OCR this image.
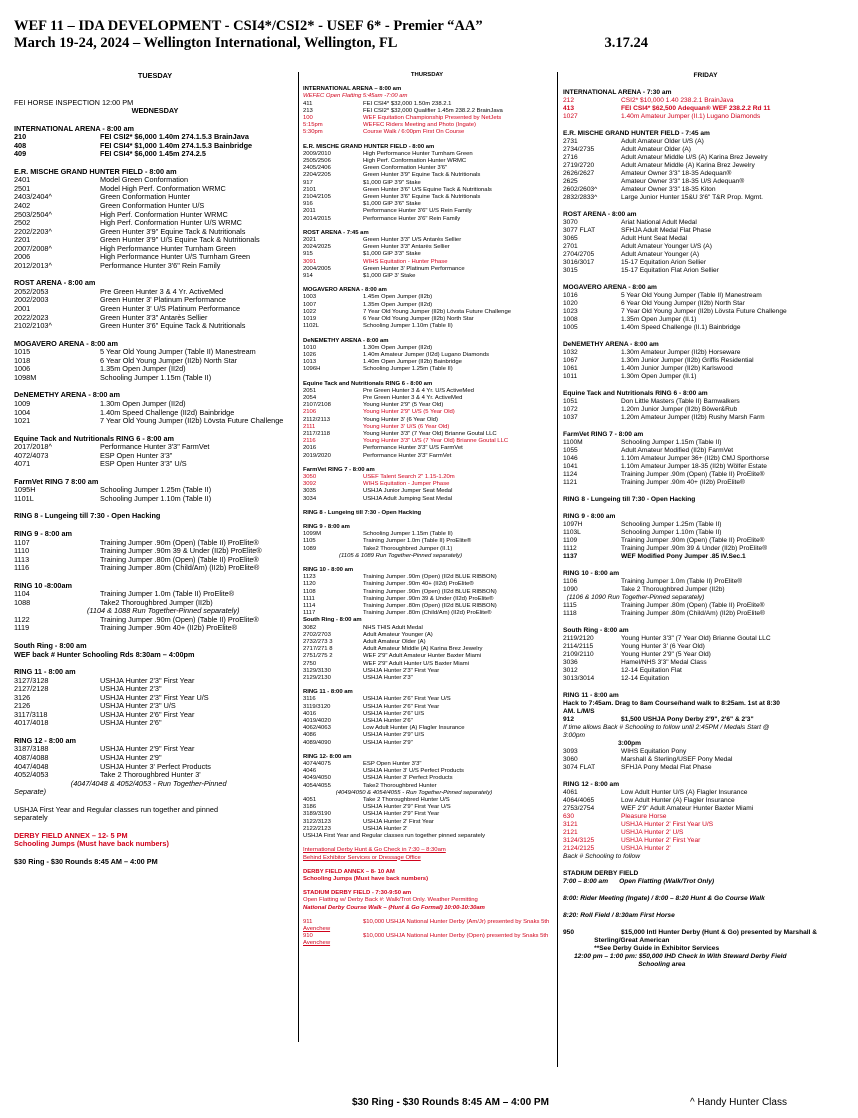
WEF 11 – IDA DEVELOPMENT - CSI4*/CSI2* - USEF 6* - Premier “AA”
March 19-24, 2024 – Wellington International, Wellington, FL	3.17.24
TUESDAY
FEI HORSE INSPECTION 12:00 PM
WEDNESDAY
INTERNATIONAL ARENA - 8:00 am
210	FEI CSI2* $6,000 1.40m 274.1.5.3 BrainJava
408	FEI CSI4* $1,000 1.40m 274.1.5.3 Bainbridge
409	FEI CSI4* $6,000 1.45m 274.2.5
E.R. MISCHE GRAND HUNTER FIELD - 8:00 am
2401	Model Green Conformation
2501	Model High Perf. Conformation WRMC
2403/2404^	Green Conformation Hunter
2402	Green Conformation Hunter U/S
2503/2504^	High Perf. Conformation Hunter WRMC
2502	High Perf. Conformation Hunter U/S WRMC
2202/2203^	Green Hunter 3'9" Equine Tack & Nutritionals
2201	Green Hunter 3'9" U/S Equine Tack & Nutritionals
2007/2008^	High Performance Hunter Turnham Green
2006	High Performance Hunter U/S Turnham Green
2012/2013^	Performance Hunter 3'6" Rein Family
ROST ARENA - 8:00 am
2052/2053	Pre Green Hunter 3 & 4 Yr. ActiveMed
2002/2003	Green Hunter 3' Platinum Performance
2001	Green Hunter 3' U/S Platinum Performance
2022/2023	Green Hunter 3'3" Antarès Sellier
2102/2103^	Green Hunter 3'6" Equine Tack & Nutritionals
MOGAVERO ARENA - 8:00 am
1015	5 Year Old Young Jumper (Table II) Manestream
1018	6 Year Old Young Jumper (II2b) North Star
1006	1.35m Open Jumper (II2d)
1098M	Schooling Jumper 1.15m (Table II)
DeNEMETHY ARENA - 8:00 am
1009	1.30m Open Jumper (II2d)
1004	1.40m Speed Challenge (II2d) Bainbridge
1021	7 Year Old Young Jumper (II2b) Lövsta Future Challenge
Equine Tack and Nutritionals RING 6 - 8:00 am
2017/2018^	Performance Hunter 3'3" FarmVet
4072/4073	ESP Open Hunter 3'3"
4071	ESP Open Hunter 3'3" U/S
FarmVet RING 7 8:00 am
1095H	Schooling Jumper 1.25m (Table II)
1101L	Schooling Jumper 1.10m (Table II)
RING 8 - Lungeing till 7:30 - Open Hacking
RING 9 - 8:00 am
1107	Training Jumper .90m (Open) (Table II) ProElite®
1110	Training Jumper .90m 39 & Under (II2b) ProElite®
1113	Training Jumper .80m (Open) (Table II) ProElite®
1116	Training Jumper .80m (Child/Am) (II2b) ProElite®
RING 10 -8:00am
1104	Training Jumper 1.0m (Table II) ProElite®
1088	Take2 Thoroughbred Jumper (II2b)
(1104 & 1088 Run Together-Pinned separately)
1122	Training Jumper .90m (Open) (Table II) ProElite®
1119	Training Jumper .90m 40+ (II2b) ProElite®
South Ring - 8:00 am
WEF back # Hunter Schooling Rds 8:30am – 4:00pm
RING 11 - 8:00 am
3127/3128	USHJA Hunter 2'3" First Year
2127/2128	USHJA Hunter 2'3"
3126	USHJA Hunter 2'3" First Year U/S
2126	USHJA Hunter 2'3" U/S
3117/3118	USHJA Hunter 2'6" First Year
4017/4018	USHJA Hunter 2'6"
RING 12 - 8:00 am
3187/3188	USHJA Hunter 2'9" First Year
4087/4088	USHJA Hunter 2'9"
4047/4048	USHJA Hunter 3' Perfect Products
4052/4053	Take 2 Thoroughbred Hunter 3'
(4047/4048 & 4052/4053 - Run Together-Pinned
Separate)
USHJA First Year and Regular classes run together and pinned
separately
DERBY FIELD ANNEX – 12- 5 PM
Schooling Jumps (Must have back numbers)
$30 Ring - $30 Rounds 8:45 AM – 4:00 PM
THURSDAY
INTERNATIONAL ARENA – 8:00 am
WEFEC Open Flatting 5:45am -7:00 am
411	FEI CSI4* $32,000 1.50m 238.2.1
213	FEI CSI2* $32,000 Qualifier 1.45m 238.2.2 BrainJava
100	WEF Equitation Championship Presented by NetJets
5:15pm	WEFEC Riders Meeting and Photo (Ingate)
5:30pm	Course Walk / 6:00pm First On Course
E.R. MISCHE GRAND HUNTER FIELD - 8:00 am
2009/2010	High Performance Hunter Turnham Green
2505/2506	High Perf. Conformation Hunter WRMC
2405/2406	Green Conformation Hunter 3'6"
2204/2205	Green Hunter 3'9" Equine Tack & Nutritionals
917	$1,000 GIP 3'9" Stake
2101	Green Hunter 3'6" U/S Equine Tack & Nutritionals
2104/2105	Green Hunter 3'6" Equine Tack & Nutritionals
916	$1,000 GIP 3'6" Stake
2011	Performance Hunter 3'6" U/S Rein Family
2014/2015	Performance Hunter 3'6" Rein Family
ROST ARENA - 7:45 am
2021	Green Hunter 3'3" U/S Antarès Sellier
2024/2025	Green Hunter 3'3" Antarès Sellier
915	$1,000 GIP 3'3" Stake
3091	WIHS Equitation - Hunter Phase
2004/2005	Green Hunter 3' Platinum Performance
914	$1,000 GIP 3' Stake
MOGAVERO ARENA - 8:00 am
1003	1.45m Open Jumper (II2b)
1007	1.35m Open Jumper (II2d)
1022	7 Year Old Young Jumper (II2b) Lövsta Future Challenge
1019	6 Year Old Young Jumper (II2b) North Star
1102L	Schooling Jumper 1.10m (Table II)
DeNEMETHY ARENA - 8:00 am
1010	1.30m Open Jumper (II2d)
1026	1.40m Amateur Jumper (II2d) Lugano Diamonds
1013	1.40m Open Jumper (II2b) Bainbridge
1096H	Schooling Jumper 1.25m (Table II)
Equine Tack and Nutritionals RING 6 - 8:00 am
2051	Pre Green Hunter 3 & 4 Yr. U/S ActiveMed
2054	Pre Green Hunter 3 & 4 Yr. ActiveMed
2107/2108	Young Hunter 2'9" (5 Year Old)
2106	Young Hunter 2'9" U/S (5 Year Old)
2112/2113	Young Hunter 3' (6 Year Old)
2111	Young Hunter 3' U/S (6 Year Old)
2117/2118	Young Hunter 3'3" (7 Year Old) Brianne Goutal LLC
2116	Young Hunter 3'3" U/S (7 Year Old) Brianne Goutal LLC
2016	Performance Hunter 3'3" U/S FarmVet
2019/2020	Performance Hunter 3'3" FarmVet
FarmVet RING 7 - 8:00 am
3050	USEF Talent Search 2" 1.15-1.20m
3092	WIHS Equitation - Jumper Phase
3035	USHJA Junior Jumper Seat Medal
3034	USHJA Adult Jumping Seat Medal
RING 8 - Lungeing till 7:30 - Open Hacking
RING 9 - 8:00 am
1099M	Schooling Jumper 1.15m (Table II)
1105	Training Jumper 1.0m (Table II) ProElite®
1089	Take2 Thoroughbred Jumper (II.1)
(1105 & 1089 Run Together-Pinned separately)
RING 10 - 8:00 am
1123	Training Jumper .90m (Open) (II2d BLUE RIBBON)
1120	Training Jumper .90m 40+ (II2d) ProElite®
1108	Training Jumper .90m (Open) (II2d BLUE RIBBON)
1111	Training Jumper .90m 39 & Under (II2d) ProElite®
1114	Training Jumper .80m (Open) (II2d BLUE RIBBON)
1117	Training Jumper .80m (Child/Am) (II2d) ProElite®
South Ring - 8:00 am
3082	NHS THIS Adult Medal
2702/2703	Adult Amateur Younger (A)
2732/273 3	Adult Amateur Older (A)
2717/271 8	Adult Amateur Middle (A) Karina Brez Jewelry
2751/275 2	WEF 2'9" Adult Amateur Hunter Baxter Miami
2750	WEF 2'9" Adult Hunter U/S Baxter Miami
3129/3130	USHJA Hunter 2'3" First Year
2129/2130	USHJA Hunter 2'3"
RING 11 - 8:00 am
3116	USHJA Hunter 2'6" First Year U/S
3119/3120	USHJA Hunter 2'6" First Year
4016	USHJA Hunter 2'6" U/S
4019/4020	USHJA Hunter 2'6"
4062/4063	Low Adult Hunter (A) Flagler Insurance
4086	USHJA Hunter 2'9" U/S
4089/4090	USHJA Hunter 2'9"
RING 12- 8:00 am
4074/4075	ESP Open Hunter 3'3"
4046	USHJA Hunter 3' U/S Perfect Products
4049/4050	USHJA Hunter 3' Perfect Products
4054/4055	Take2 Thoroughbred Hunter
(4049/4050 & 4054/4055 - Run Together-Pinned separately)
4051	Take 2 Thoroughbred Hunter U/S
3186	USHJA Hunter 2'9" First Year U/S
3189/3190	USHJA Hunter 2'9" First Year
3122/3123	USHJA Hunter 2' First Year
2122/2123	USHJA Hunter 2'
USHJA First Year and Regular classes run together pinned separately
International Derby Hunt & Go Check in 7:30 – 8:30am
Behind Exhibitor Services or Dressage Office
DERBY FIELD ANNEX – 8- 10 AM
Schooling Jumps (Must have back numbers)
STADIUM DERBY FIELD - 7:30-9:50 am
Open Flatting w/ Derby Back #: Walk/Trot Only. Weather Permitting
National Derby Course Walk – (Hunt & Go Formal) 10:00-10:30am
911	$10,000 USHJA National Hunter Derby (Am/Jr) presented by Snaks 5th
Avenchew
910	$10,000 USHJA National Hunter Derby (Open) presented by Snaks 5th
Avenchew
FRIDAY
INTERNATIONAL ARENA - 7:30 am
212	CSI2* $10,000 1.40 238.2.1 BrainJava
413	FEI CSI4* $62,500 Adequan® WEF 238.2.2 Rd 11
1027	1.40m Amateur Jumper (II.1) Lugano Diamonds
E.R. MISCHE GRAND HUNTER FIELD - 7:45 am
2731	Adult Amateur Older U/S (A)
2734/2735	Adult Amateur Older (A)
2716	Adult Amateur Middle U/S (A) Karina Brez Jewelry
2719/2720	Adult Amateur Middle (A) Karina Brez Jewelry
2626/2627	Amateur Owner 3'3" 18-35 Adequan®
2625	Amateur Owner 3'3" 18-35 U/S Adequan®
2602/2603^	Amateur Owner 3'3" 18-35 Kiton
2832/2833^	Large Junior Hunter 15&U 3'6" T&R Prop. Mgmt.
ROST ARENA - 8:00 am
3070	Ariat National Adult Medal
3077 FLAT	SFHJA Adult Medal Flat Phase
3065	Adult Hunt Seat Medal
2701	Adult Amateur Younger U/S (A)
2704/2705	Adult Amateur Younger (A)
3016/3017	15-17 Equitation Arion Sellier
3015	15-17 Equitation Flat Arion Sellier
MOGAVERO ARENA - 8:00 am
1016	5 Year Old Young Jumper (Table II) Manestream
1020	6 Year Old Young Jumper (II2b) North Star
1023	7 Year Old Young Jumper (II2b) Lövsta Future Challenge
1008	1.35m Open Jumper (II.1)
1005	1.40m Speed Challenge (II.1) Bainbridge
DeNEMETHY ARENA - 8:00 am
1032	1.30m Amateur Jumper (II2b) Horseware
1067	1.30m Junior Jumper (II2b) Griffis Residential
1061	1.40m Junior Jumper (II2b) Karlswood
1011	1.30m Open Jumper (II.1)
Equine Tack and Nutritionals RING 6 - 8:00 am
1051	Don Little Masters (Table II) Barnwalkers
1072	1.20m Junior Jumper (II2b) Böwer&Rub
1037	1.20m Amateur Jumper (II2b) Rushy Marsh Farm
FarmVet RING 7 - 8:00 am
1100M	Schooling Jumper 1.15m (Table II)
1055	Adult Amateur Modified (II2b) FarmVet
1046	1.10m Amateur Jumper 36+ (II2b) CMJ Sporthorse
1041	1.10m Amateur Jumper 18-35 (II2b) Wölfer Estate
1124	Training Jumper .90m (Open) (Table II) ProElite®
1121	Training Jumper .90m 40+ (II2b) ProElite®
RING 8 - Lungeing till 7:30 - Open Hacking
RING 9 - 8:00 am
1097H	Schooling Jumper 1.25m (Table II)
1103L	Schooling Jumper 1.10m (Table II)
1109	Training Jumper .90m (Open) (Table II) ProElite®
1112	Training Jumper .90m 39 & Under (II2b) ProElite®
1137	WEF Modified Pony Jumper .85 IV.Sec.1
RING 10 - 8:00 am
1106	Training Jumper 1.0m (Table II) ProElite®
1090	Take 2 Thoroughbred Jumper (II2b)
(1106 & 1090 Run Together-Pinned separately)
1115	Training Jumper .80m (Open) (Table II) ProElite®
1118	Training Jumper .80m (Child/Am) (II2b) ProElite®
South Ring - 8:00 am
2119/2120	Young Hunter 3'3" (7 Year Old) Brianne Goutal LLC
2114/2115	Young Hunter 3' (6 Year Old)
2109/2110	Young Hunter 2'9" (5 Year Old)
3036	Hamel/NHS 3'3" Medal Class
3012	12-14 Equitation Flat
3013/3014	12-14 Equitation
RING 11 - 8:00 am
Hack to 7:45am. Drag to 8am Course/hand walk to 8:25am. 1st at 8:30
AM. L/M/S
912	$1,500 USHJA Pony Derby 2'9", 2'6" & 2'3"
If time allows Back # Schooling to follow until 2:45PM / Medals Start @
3:00pm
3:00pm
3093	WIHS Equitation Pony
3060	Marshall & Sterling/USEF Pony Medal
3074 FLAT	SFHJA Pony Medal Flat Phase
RING 12 - 8:00 am
4061	Low Adult Hunter U/S (A) Flagler Insurance
4064/4065	Low Adult Hunter (A) Flagler Insurance
2753/2754	WEF 2'9" Adult Amateur Hunter Baxter Miami
630	Pleasure Horse
3121	USHJA Hunter 2' First Year U/S
2121	USHJA Hunter 2' U/S
3124/3125	USHJA Hunter 2' First Year
2124/2125	USHJA Hunter 2'
Back # Schooling to follow
STADIUM DERBY FIELD
7:00 – 8:00 am      Open Flatting (Walk/Trot Only)
8:00: Rider Meeting (Ingate) / 8:00 – 8:20 Hunt & Go Course Walk
8:20: Roll Field / 8:30am First Horse
950	$15,000 Intl Hunter Derby (Hunt & Go) presented by Marshall &
Sterling/Great American
**See Derby Guide in Exhibitor Services
12:00 pm – 1:00 pm: $50,000 IHD Check In With Steward Derby Field
Schooling area
$30 Ring - $30 Rounds 8:45 AM – 4:00 PM	^ Handy Hunter Class
